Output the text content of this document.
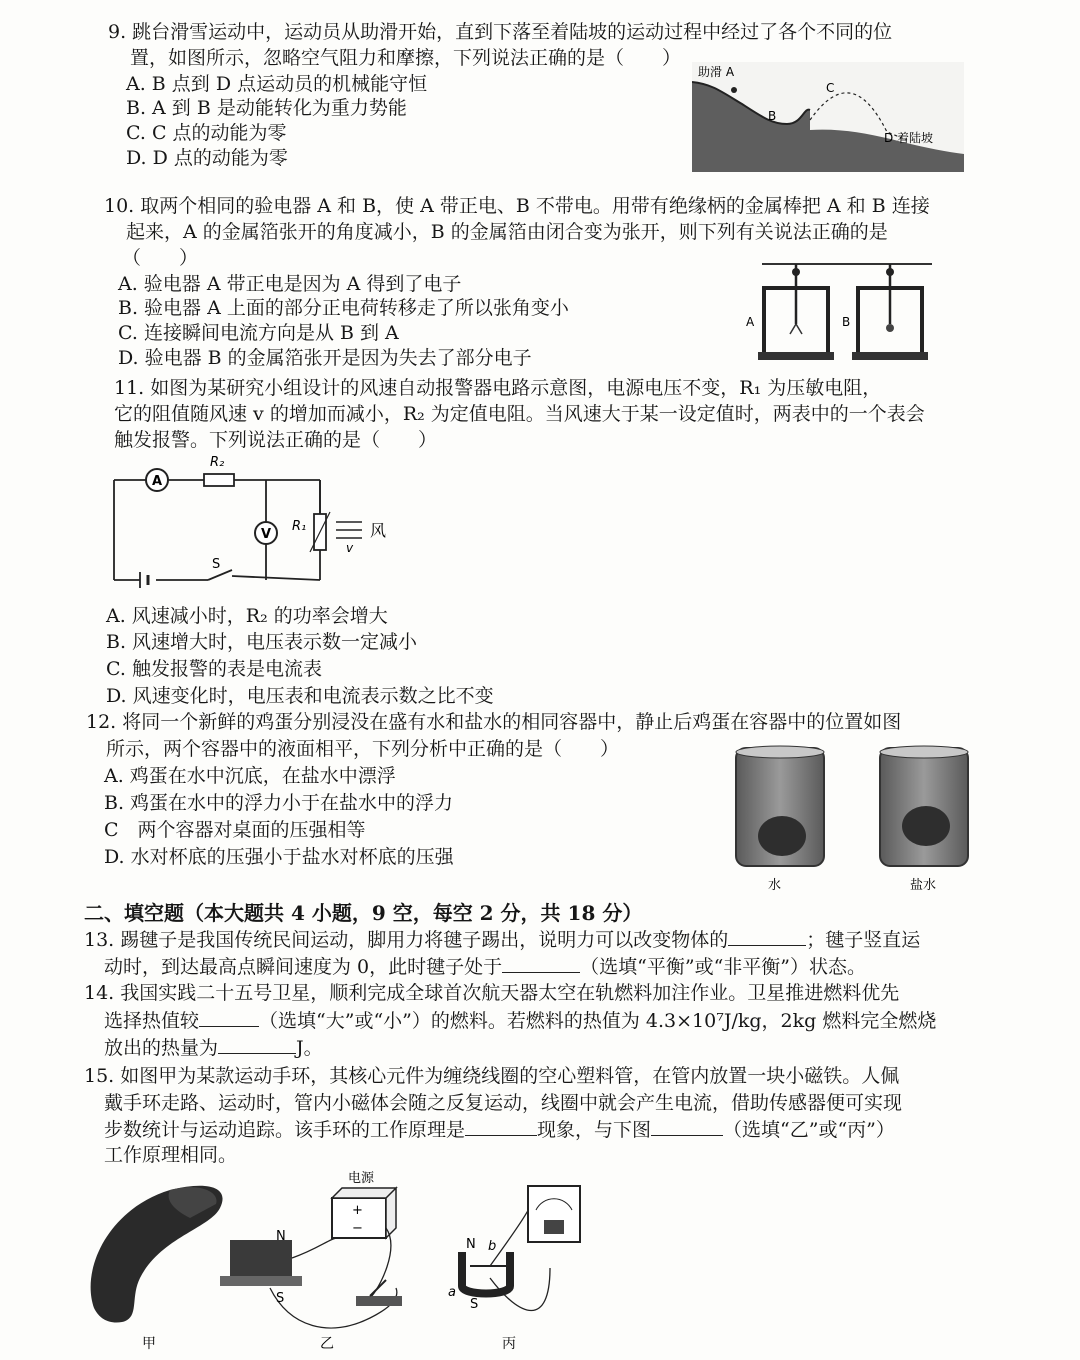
9. 跳台滑雪运动中，运动员从助滑开始，直到下落至着陆坡的运动过程中经过了各个不同的位
置，如图所示，忽略空气阻力和摩擦，下列说法正确的是（　　）
A. B 点到 D 点运动员的机械能守恒
B. A 到 B 是动能转化为重力势能
C. C 点的动能为零
D. D 点的动能为零
助滑 A
B
C
D 着陆坡
10. 取两个相同的验电器 A 和 B，使 A 带正电、B 不带电。用带有绝缘柄的金属棒把 A 和 B 连接
起来，A 的金属箔张开的角度减小，B 的金属箔由闭合变为张开，则下列有关说法正确的是
（　　）
A. 验电器 A 带正电是因为 A 得到了电子
B. 验电器 A 上面的部分正电荷转移走了所以张角变小
C. 连接瞬间电流方向是从 B 到 A
D. 验电器 B 的金属箔张开是因为失去了部分电子
A	B
11. 如图为某研究小组设计的风速自动报警器电路示意图，电源电压不变，R₁ 为压敏电阻，
它的阻值随风速 v 的增加而减小，R₂ 为定值电阻。当风速大于某一设定值时，两表中的一个表会
触发报警。下列说法正确的是（　　）
A
R₂
V
R₁
S
v
风
A. 风速减小时，R₂ 的功率会增大
B. 风速增大时，电压表示数一定减小
C. 触发报警的表是电流表
D. 风速变化时，电压表和电流表示数之比不变
12. 将同一个新鲜的鸡蛋分别浸没在盛有水和盐水的相同容器中，静止后鸡蛋在容器中的位置如图
所示，两个容器中的液面相平，下列分析中正确的是（　　）
A. 鸡蛋在水中沉底，在盐水中漂浮
B. 鸡蛋在水中的浮力小于在盐水中的浮力
C　两个容器对桌面的压强相等
D. 水对杯底的压强小于盐水对杯底的压强
水	盐水
二、填空题（本大题共 4 小题，9 空，每空 2 分，共 18 分）
13. 踢毽子是我国传统民间运动，脚用力将毽子踢出，说明力可以改变物体的	；毽子竖直运
动时，到达最高点瞬间速度为 0，此时毽子处于	（选填“平衡”或“非平衡”）状态。
14. 我国实践二十五号卫星，顺利完成全球首次航天器太空在轨燃料加注作业。卫星推进燃料优先
选择热值较	（选填“大”或“小”）的燃料。若燃料的热值为 4.3×10⁷J/kg，2kg 燃料完全燃烧
放出的热量为	J。
15. 如图甲为某款运动手环，其核心元件为缠绕线圈的空心塑料管，在管内放置一块小磁铁。人佩
戴手环走路、运动时，管内小磁体会随之反复运动，线圈中就会产生电流，借助传感器便可实现
步数统计与运动追踪。该手环的工作原理是	现象，与下图	（选填“乙”或“丙”）
工作原理相同。
甲
+
−
电源
N
S
乙
N
S
a
b
丙
